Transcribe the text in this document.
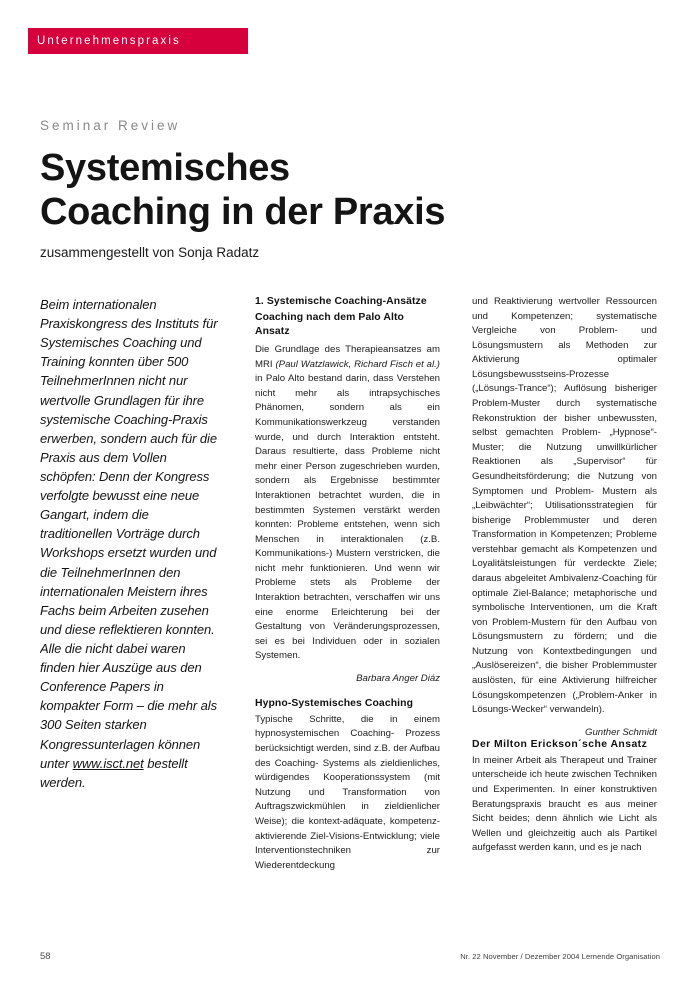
Unternehmenspraxis
Seminar Review
Systemisches
Coaching in der Praxis
zusammengestellt von Sonja Radatz

Beim internationalen Praxiskongress des Instituts für Systemisches Coaching und Training konnten über 500 TeilnehmerInnen nicht nur wertvolle Grundlagen für ihre systemische Coaching-Praxis erwerben, sondern auch für die Praxis aus dem Vollen schöpfen: Denn der Kongress verfolgte bewusst eine neue Gangart, indem die traditionellen Vorträge durch Workshops ersetzt wurden und die TeilnehmerInnen den internationalen Meistern ihres Fachs beim Arbeiten zusehen und diese reflektieren konnten. Alle die nicht dabei waren finden hier Auszüge aus den Conference Papers in kompakter Form – die mehr als 300 Seiten starken Kongressunterlagen können unter www.isct.net bestellt werden.

1. Systemische Coaching-Ansätze
Coaching nach dem Palo Alto Ansatz

Die Grundlage des Therapieansatzes am MRI (Paul Watzlawick, Richard Fisch et al.) in Palo Alto bestand darin, dass Verstehen nicht mehr als intrapsychisches Phänomen, sondern als ein Kommunikationswerkzeug verstanden wurde, und durch Interaktion entsteht. Daraus resultierte, dass Probleme nicht mehr einer Person zugeschrieben wurden, sondern als Ergebnisse bestimmter Interaktionen betrachtet wurden, die in bestimmten Systemen verstärkt werden konnten: Probleme entstehen, wenn sich Menschen in interaktionalen (z.B. Kommunikations-) Mustern verstricken, die nicht mehr funktionieren. Und wenn wir Probleme stets als Probleme der Interaktion betrachten, verschaffen wir uns eine enorme Erleichterung bei der Gestaltung von Veränderungsprozessen, sei es bei Individuen oder in sozialen Systemen.

Barbara Anger Diáz

Hypno-Systemisches Coaching

Typische Schritte, die in einem hypnosystemischen Coaching- Prozess berücksichtigt werden, sind z.B. der Aufbau des Coaching- Systems als zieldienliches, würdigendes Kooperationssystem (mit Nutzung und Transformation von Auftragszwickmühlen in zieldienlicher Weise); die kontext-adäquate, kompetenz-aktivierende Ziel-Visions-Entwicklung; viele Interventionstechniken zur Wiederentdeckung

und Reaktivierung wertvoller Ressourcen und Kompetenzen; systematische Vergleiche von Problem- und Lösungsmustern als Methoden zur Aktivierung optimaler Lösungsbewusstseins-Prozesse („Lösungs-Trance“); Auflösung bisheriger Problem-Muster durch systematische Rekonstruktion der bisher unbewussten, selbst gemachten Problem- „Hypnose“-Muster; die Nutzung unwillkürlicher Reaktionen als „Supervisor“ für Gesundheitsförderung; die Nutzung von Symptomen und Problem- Mustern als „Leibwächter“; Utilisationsstrategien für bisherige Problemmuster und deren Transformation in Kompetenzen; Probleme verstehbar gemacht als Kompetenzen und Loyalitätsleistungen für verdeckte Ziele; daraus abgeleitet Ambivalenz-Coaching für optimale Ziel-Balance; metaphorische und symbolische Interventionen, um die Kraft von Problem-Mustern für den Aufbau von Lösungsmustern zu fördern; und die Nutzung von Kontextbedingungen und „Auslösereizen“, die bisher Problemmuster auslösten, für eine Aktivierung hilfreicher Lösungskompetenzen („Problem-Anker in Lösungs-Wecker“ verwandeln).

Gunther Schmidt

Der Milton Erickson´sche Ansatz

In meiner Arbeit als Therapeut und Trainer unterscheide ich heute zwischen Techniken und Experimenten. In einer konstruktiven Beratungspraxis braucht es aus meiner Sicht beides; denn ähnlich wie Licht als Wellen und gleichzeitig auch als Partikel aufgefasst werden kann, und es je nach

58	Nr. 22 November / Dezember 2004 Lernende Organisation
